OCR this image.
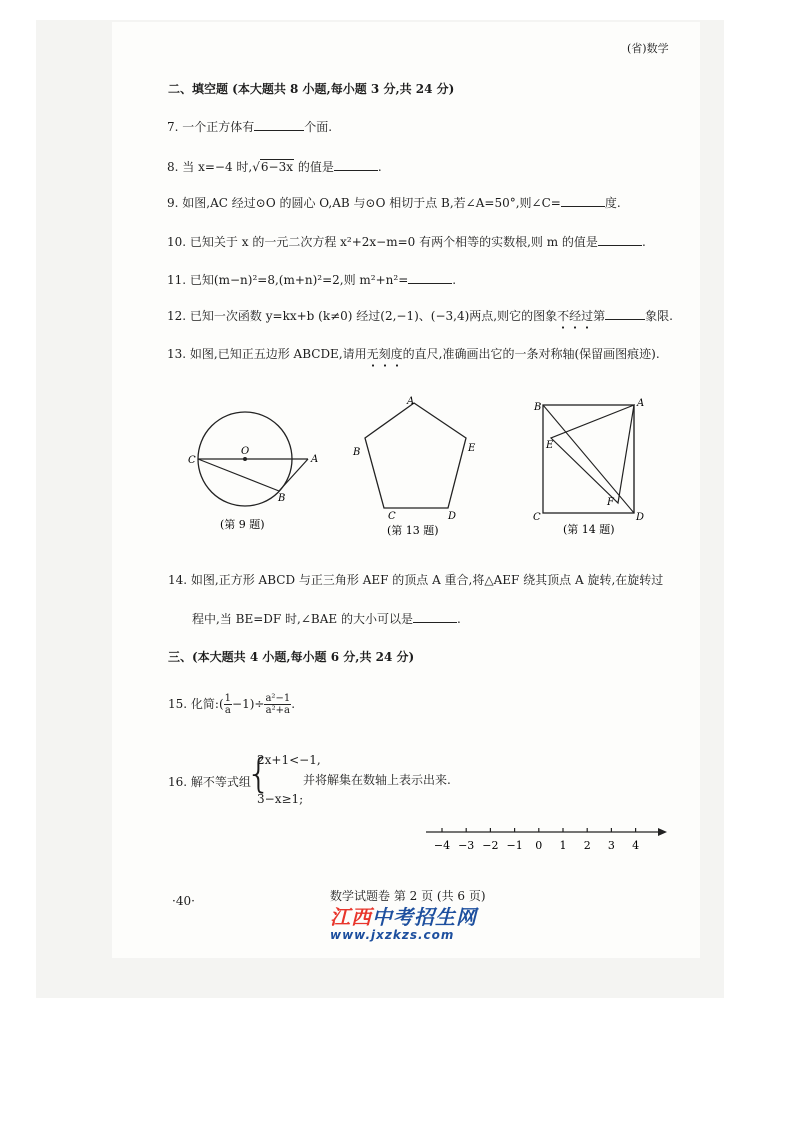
(省)数学
二、填空题 (本大题共 8 小题,每小题 3 分,共 24 分)
7. 一个正方体有	个面.
8. 当 x=−4 时,√6−3x 的值是	.
9. 如图,AC 经过⊙O 的圆心 O,AB 与⊙O 相切于点 B,若∠A=50°,则∠C=	度.
10. 已知关于 x 的一元二次方程 x²+2x−m=0 有两个相等的实数根,则 m 的值是	.
11. 已知(m−n)²=8,(m+n)²=2,则 m²+n²=	.
12. 已知一次函数 y=kx+b (k≠0) 经过(2,−1)、(−3,4)两点,则它的图象不经过
第	象限.
13. 如图,已知正五边形 ABCDE,请用无刻度
的直尺,准确画出它的一条对称轴(保留画图痕迹).
C
O
A
B
(第 9 题)
A
B
C	D
E
(第 13 题)
B	A
E
F
C	D
(第 14 题)
14. 如图,正方形 ABCD 与正三角形 AEF 的顶点 A 重合,将△AEF 绕其顶点 A 旋转,在旋转过
程中,当 BE=DF 时,∠BAE 的大小可以是	.
三、(本大题共 4 小题,每小题 6 分,共 24 分)
15. 化简:( $\frac{1}{a} -1)\div \frac{\text{a²−1}}{\text{a²+a}}$ .
16. 解不等式组
{
2x+1<−1,
3−x≥1;
并将解集在数轴上表示出来.
−4 −3 −2 −1 0 1 2 3 4
·40·	数学试题卷 第 2 页 (共 6 页)
江西中考招生网
www.jxzkzs.com
